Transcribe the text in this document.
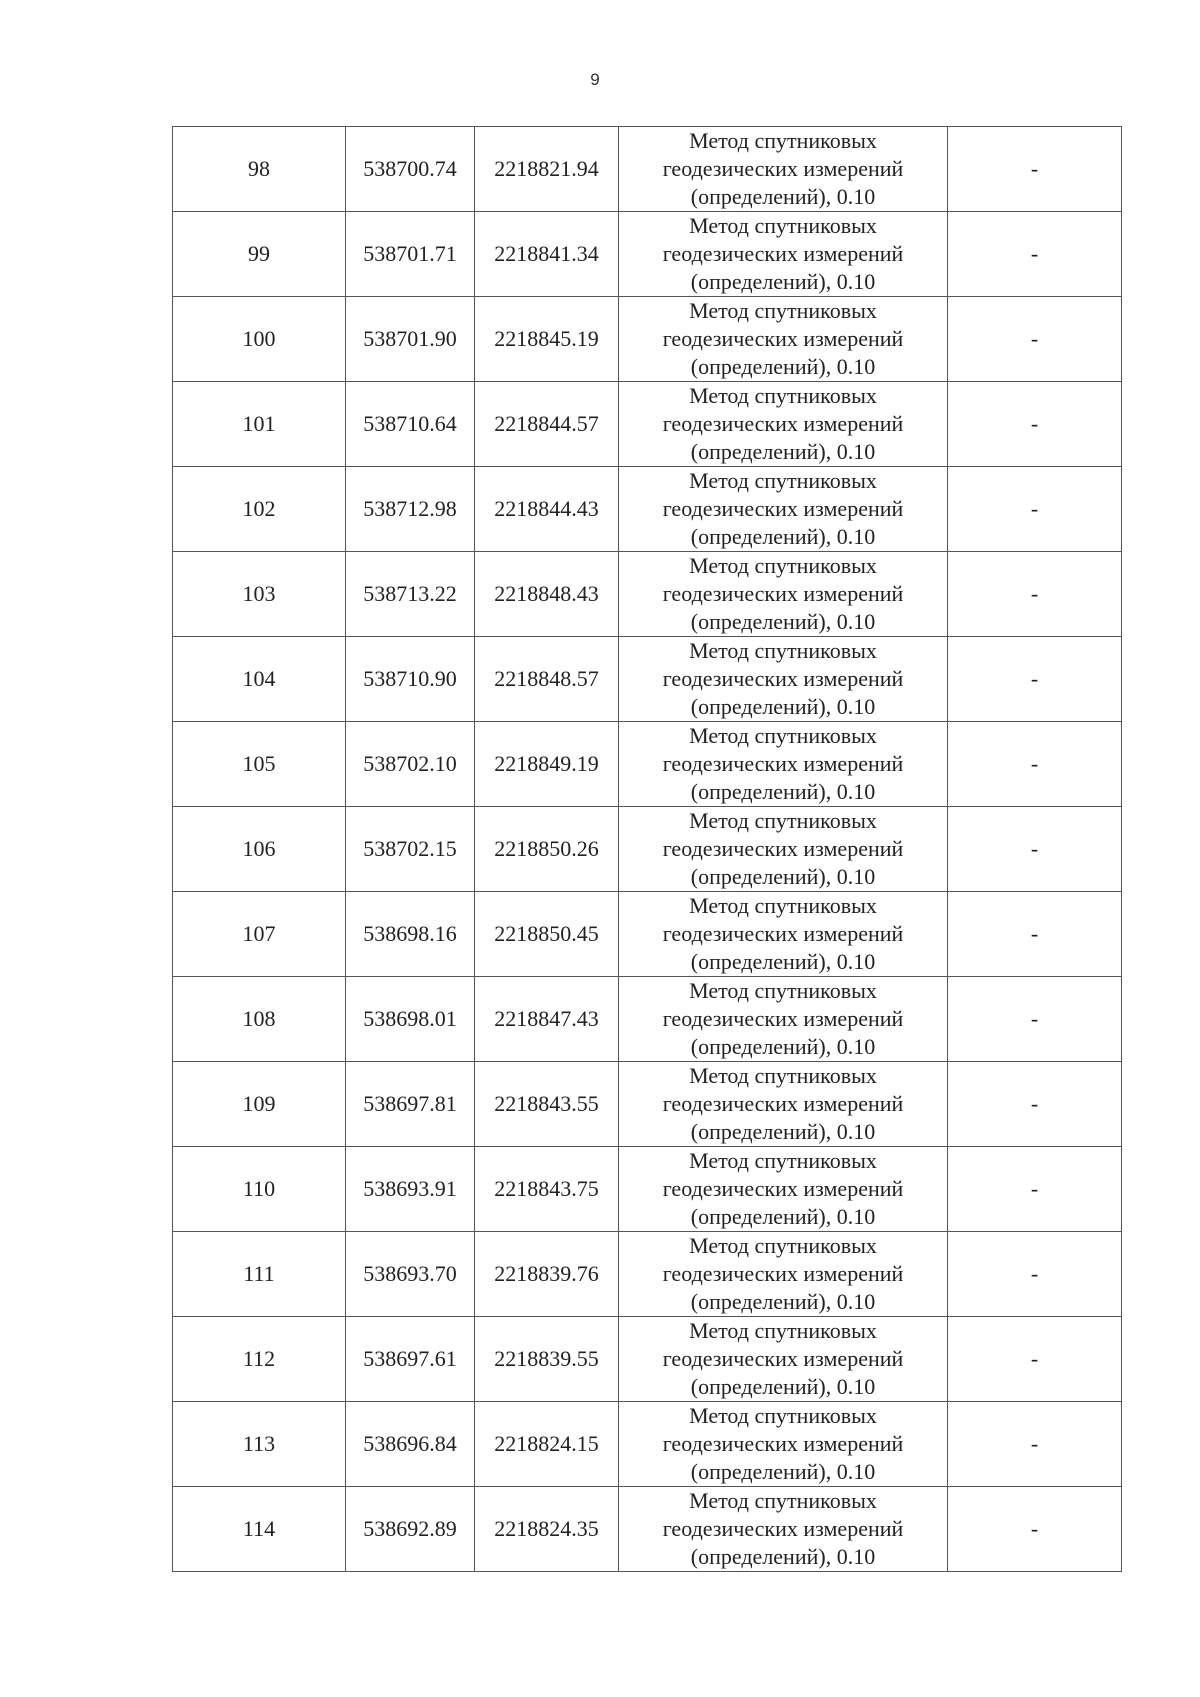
9
98	538700.74	2218821.94	Метод спутниковых
геодезических измерений
(определений), 0.10	-
99	538701.71	2218841.34	Метод спутниковых
геодезических измерений
(определений), 0.10	-
100	538701.90	2218845.19	Метод спутниковых
геодезических измерений
(определений), 0.10	-
101	538710.64	2218844.57	Метод спутниковых
геодезических измерений
(определений), 0.10	-
102	538712.98	2218844.43	Метод спутниковых
геодезических измерений
(определений), 0.10	-
103	538713.22	2218848.43	Метод спутниковых
геодезических измерений
(определений), 0.10	-
104	538710.90	2218848.57	Метод спутниковых
геодезических измерений
(определений), 0.10	-
105	538702.10	2218849.19	Метод спутниковых
геодезических измерений
(определений), 0.10	-
106	538702.15	2218850.26	Метод спутниковых
геодезических измерений
(определений), 0.10	-
107	538698.16	2218850.45	Метод спутниковых
геодезических измерений
(определений), 0.10	-
108	538698.01	2218847.43	Метод спутниковых
геодезических измерений
(определений), 0.10	-
109	538697.81	2218843.55	Метод спутниковых
геодезических измерений
(определений), 0.10	-
110	538693.91	2218843.75	Метод спутниковых
геодезических измерений
(определений), 0.10	-
111	538693.70	2218839.76	Метод спутниковых
геодезических измерений
(определений), 0.10	-
112	538697.61	2218839.55	Метод спутниковых
геодезических измерений
(определений), 0.10	-
113	538696.84	2218824.15	Метод спутниковых
геодезических измерений
(определений), 0.10	-
114	538692.89	2218824.35	Метод спутниковых
геодезических измерений
(определений), 0.10	-
